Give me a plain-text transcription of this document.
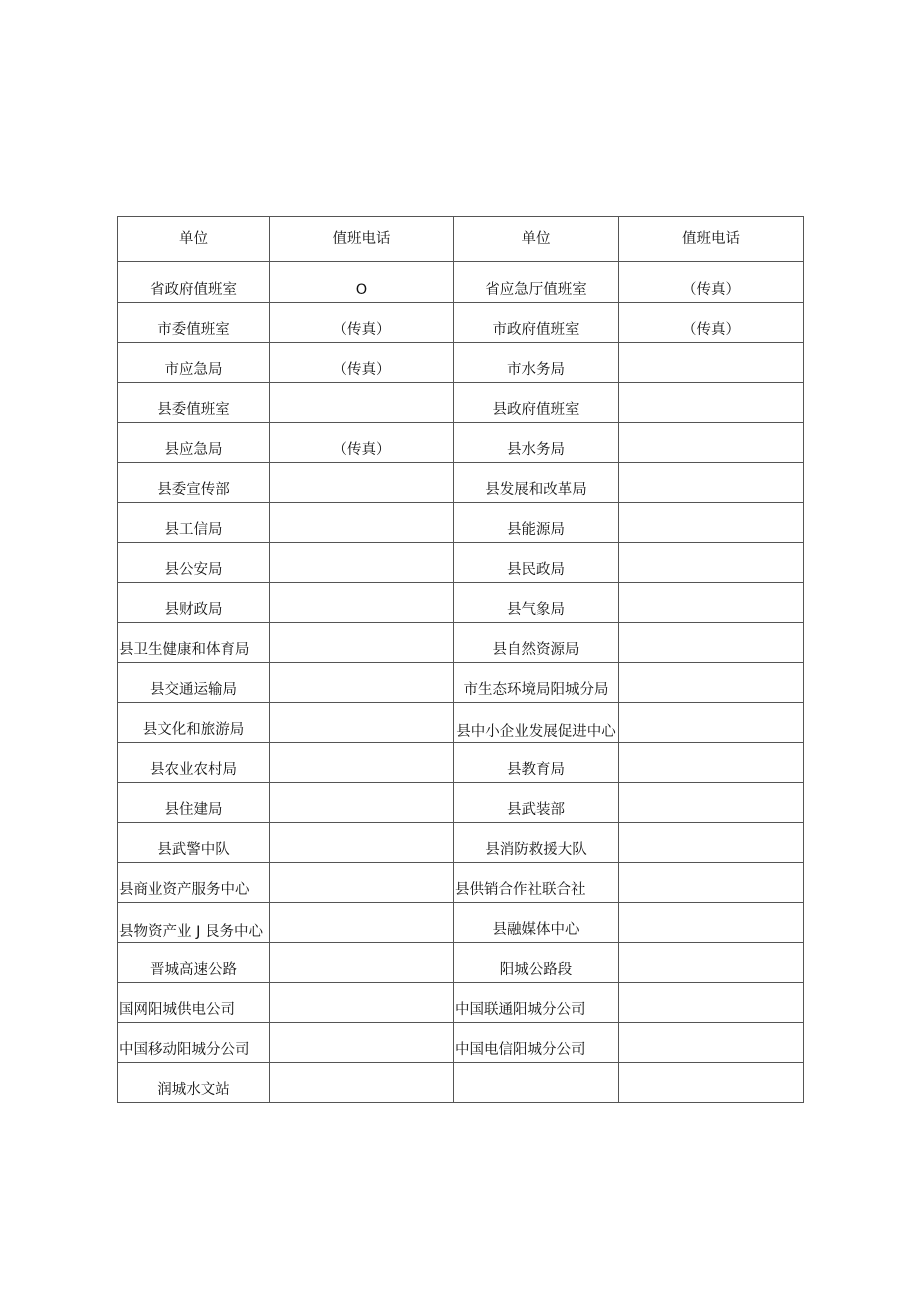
单位	值班电话	单位	值班电话
省政府值班室	O	省应急厅值班室	（传真）
市委值班室	（传真）	市政府值班室	（传真）
市应急局	（传真）	市水务局	
县委值班室		县政府值班室	
县应急局	（传真）	县水务局	
县委宣传部		县发展和改革局	
县工信局		县能源局	
县公安局		县民政局	
县财政局		县气象局	
县卫生健康和体育局		县自然资源局	
县交通运输局		市生态环境局阳城分局	
县文化和旅游局		县中小企业发展促进中心	
县农业农村局		县教育局	
县住建局		县武装部	
县武警中队		县消防救援大队	
县商业资产服务中心		县供销合作社联合社	
县物资产业 J 艮务中心		县融媒体中心	
晋城高速公路		阳城公路段	
国网阳城供电公司		中国联通阳城分公司	
中国移动阳城分公司		中国电信阳城分公司	
润城水文站			
